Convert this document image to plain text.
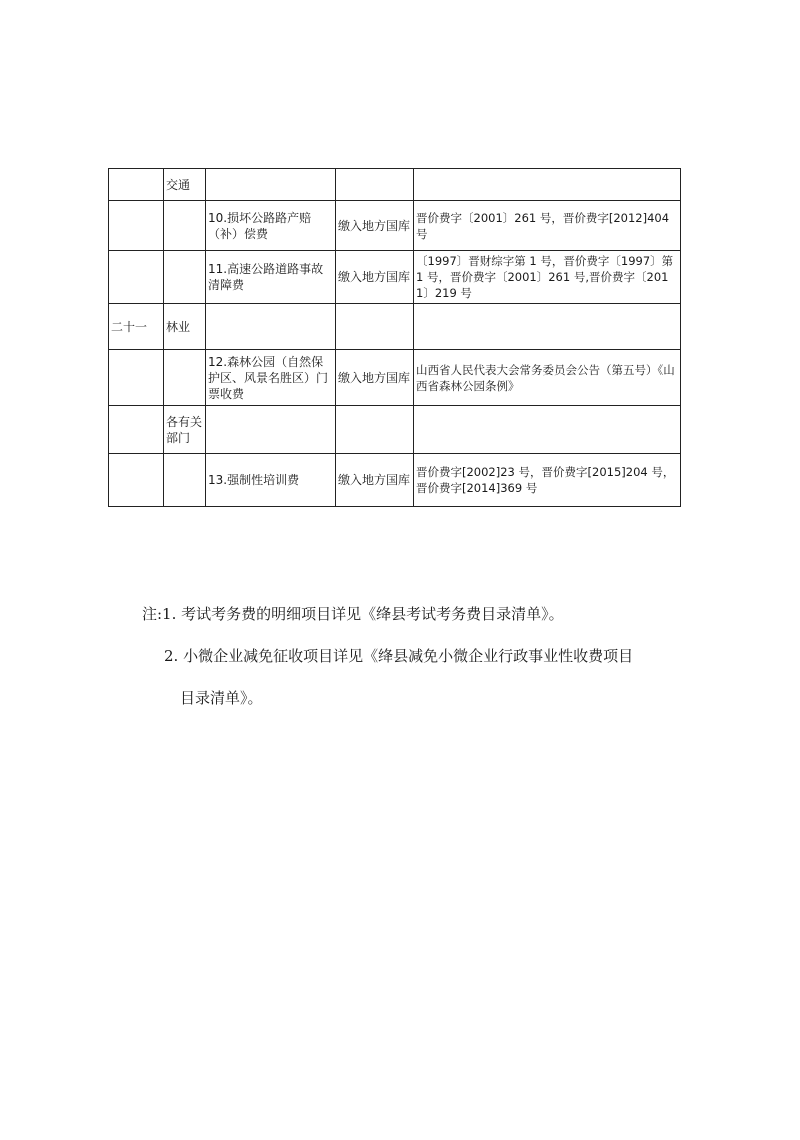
	交通			
		10.损坏公路路产赔（补）偿费	缴入地方国库	晋价费字〔2001〕261 号，晋价费字[2012]404 号
		11.高速公路道路事故清障费	缴入地方国库	〔1997〕晋财综字第 1 号，晋价费字〔1997〕第 1 号，晋价费字〔2001〕261 号,晋价费字〔2011〕219 号
二十一	林业			
		12.森林公园（自然保护区、风景名胜区）门票收费	缴入地方国库	山西省人民代表大会常务委员会公告（第五号）《山西省森林公园条例》
	各有关部门			
		13.强制性培训费	缴入地方国库	晋价费字[2002]23 号，晋价费字[2015]204 号，晋价费字[2014]369 号
注:1. 考试考务费的明细项目详见《绛县考试考务费目录清单》。
2. 小微企业减免征收项目详见《绛县减免小微企业行政事业性收费项目
目录清单》。
